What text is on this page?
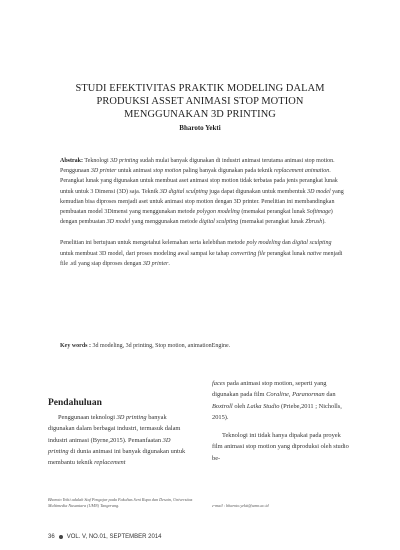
STUDI EFEKTIVITAS PRAKTIK MODELING DALAM
PRODUKSI ASSET ANIMASI STOP MOTION
MENGGUNAKAN 3D PRINTING
Bharoto Yekti

Abstrak: Teknologi 3D printing sudah mulai banyak digunakan di industri animasi terutama animasi stop motion. Penggunaan 3D printer untuk animasi stop motion paling banyak digunakan pada teknik replacement animation. Perangkat lunak yang digunakan untuk membuat aset animasi stop motion tidak terbatas pada jenis perangkat lunak untuk untuk 3 Dimensi (3D) saja. Teknik 3D digital sculpting juga dapat digunakan untuk membentuk 3D model yang kemudian bisa diproses menjadi aset untuk animasi stop motion dengan 3D printer. Penelitian ini membandingkan pembuatan model 3Dimensi yang menggunakan metode polygon modeling (memakai perangkat lunak Softimage) dengan pembuatan 3D model yang menggunakan metode digital sculpting (memakai perangkat lunak Zbrush).

Penelitian ini bertujuan untuk mengetahui kelemahan serta kelebihan metode poly modeling dan digital sculpting untuk membuat 3D model, dari proses modeling awal sampai ke tahap converting file perangkat lunak native menjadi file .stl yang siap diproses dengan 3D printer.

Key words : 3d modeling, 3d printing, Stop motion, animationEngine.
Pendahuluan

Penggunaan teknologi 3D printing banyak digunakan dalam berbagai industri, termasuk dalam industri animasi (Byrne,2015). Pemanfaatan 3D printing di dunia animasi ini banyak digunakan untuk membantu teknik replacement

faces pada animasi stop motion, seperti yang digunakan pada film Coraline, Paranorman dan Boxtroll oleh Laika Studio (Priebe,2011 ; Nicholls, 2015).

Teknologi ini tidak hanya dipakai pada proyek film animasi stop motion yang diproduksi oleh studio be-

Bharoto Yekti adalah Staf Pengajar pada Fakultas Seni Rupa dan Desain, Universitas Multimedia Nusantara (UMN) Tangerang.	e-mail : bharoto.yekti@umn.ac.id
36 VOL. V, NO.01, SEPTEMBER 2014
